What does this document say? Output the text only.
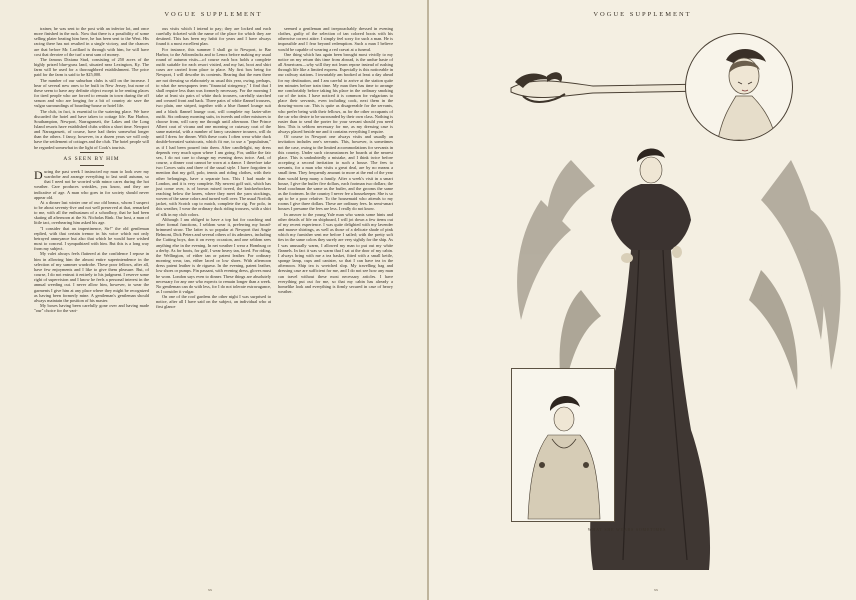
VOGUE SUPPLEMENT

trainer, he was sent to the post with an inferior lot, and once more finished in the ruck. Now that there is a possibility of some selling plater beating him here, he has been sent to the West. His racing there has not resulted in a single victory, and the chances are that before Mr. Lorillard is through with him, he will have cost that devotee of the turf a neat sum of money.

The famous Dixiana Stud, consisting of 250 acres of the highly prized blue-grass land, situated near Lexington, Ky. The farm will be used for a thoroughbred establishment. The price paid for the farm is said to be $25,000.

The number of our suburban clubs is still on the increase. I hear of several new ones to be built in New Jersey, but none of these seem to have any definite object except to be renting places for tired people who are forced to remain in town during the off season and who are longing for a bit of country air save the vulgar surroundings of boarding-house or hotel life.

The club, in fact, is essential to the watering place. We have discarded the hotel and have taken to cottage life. Bar Harbor, Southampton, Newport, Narragansett, the Lakes and the Long Island resorts have established clubs within a short time. Newport and Narragansett, of course, have had theirs somewhat longer than the others. I fancy, however, in a dozen years we will only have the settlement of cottages and the club. The hotel people will be regarded somewhat in the light of Cook's tourists.

AS SEEN BY HIM

During the past week I instructed my man to look over my wardrobe and arrange everything to last until autumn, so that I need not be worried with minor cares during the hot weather. Care produces wrinkles, you know, and they are indicative of age. A man who goes in for society should never appear old.

At a dinner last winter one of our old beaux, whom I suspect to be about seventy-five and not well preserved at that, remarked to me, with all the enthusiasm of a schoolboy, that he had been skating all afternoon at the St. Nicholas Rink. Our host, a man of little tact, overhearing him asked his age.

"I consider that an impertinence, Sir!" the old gentleman replied, with that certain tremor in his voice which not only betrayed annoyance but also that which he would have wished most to conceal. I sympathized with him. But this is a long way from my subject.

My valet always feels flattered at the confidence I repose in him in allowing him the almost entire superintendence in the selection of my summer wardrobe. These poor fellows, after all, have few enjoyments and I like to give them pleasure. But, of course, I do not entrust it entirely to his judgment. I reserve some right of supervision and I know he feels a personal interest in the annual weeding out. I never allow him, however, to wear the garments I give him at any place where they might be recognized as having been formerly mine. A gentleman's gentleman should always maintain the position of his master.

My boxes having been carefully gone over and having made "our" choice for the vari-

ous visits which I intend to pay; they are locked and each carefully ticketed with the name of the place for which they are destined. This has been my habit for years and I have always found it a most excellent plan.

For instance, this summer I shall go to Newport, to Bar Harbor, to the Adirondacks and to Lenox before making my usual round of autumn visits—of course each box holds a complete outfit suitable for each resort visited, and my hat, boot and shirt cases are carried from place to place. My first box being for Newport, I will describe its contents. Bearing that the men there are not dressing so elaborately as usual this year, owing, perhaps, to what the newspapers term "financial stringency," I find that I shall require less than was formerly necessary. For the morning I take at least six pairs of white duck trousers, carefully starched and creased front and back. Three pairs of white flannel trousers, two plain, one striped, together with a blue flannel lounge suit and a black flannel lounge coat, will complete my lazier-after outfit. Six ordinary morning suits, in tweeds and other mixtures to choose from, will carry me through until afternoon. One Prince Albert coat of vicuna and one morning or cutaway coat of the same material, with a number of fancy cassimere trousers, will do until I dress for dinner. With these coats I often wear white duck double-breasted waistcoats, which fit me, to use a "populatism," as if I had been poured into them. After candlelight, my dress depends very much upon where I am going. For, unlike the fair sex, I do not care to change my evening dress twice. And, of course, a dinner coat cannot be worn at a dance. I therefore take two Cowes suits and three of the usual style. I have forgotten to mention that my golf, polo, tennis and riding clothes, with their other belongings, have a separate box. This I had made in London, and it is very complete. My newest golf suit, which has just come over, is of brown mixed tweed, the knickerbockers reaching below the knees, where they meet the yarn stockings, woven of the same colors and turned well over. The usual Norfolk jacket, with Scotch cap to match, complete the rig. For polo, in this weather, I wear the ordinary duck riding trousers, with a shirt of silk in my club colors.

Although I am obliged to have a top hat for coaching and other formal functions, I seldom wear it, preferring my broad-brimmed straw. The latter is so popular at Newport that Angie Belmont, Dick Peters and several others of its admirers, including the Cutting boys, don it on every occasion, and one seldom sees anything else in the evening. In net weather I wear a Homburg or a derby. As for boots, for golf, I wear heavy tan, laced. For riding, the Wellington, of either tan or patent leather. For ordinary morning wear, tan, either laced or low shoes. With afternoon dress patent leather is de rigueur. In the evening, patent leather, low shoes or pumps. Fin passant, with evening dress, gloves must be worn. London says even to dinner. These things are absolutely necessary for any one who expects to remain longer than a week. No gentleman can do with less, for I do not tolerate extravagance, as I consider it vulgar.

On one of the roof gardens the other night I was surprised to notice, after all I have said on the subject, an individual who at first glance

seemed a gentleman and irreproachably dressed in evening clothes, guilty of the selection of tan colored boots with his otherwise correct attire. I simply feel sorry for such a man. He is impossible and I fear beyond redemption. Such a man I believe would be capable of wearing a red cravat at a funeral.

One thing which has again been brought most vividly to my notice on my return this time from abroad, is the undue haste of all Americans—why will they not learn repose instead of rushing through life like a limited express. Especially is this noticeable in our railway stations. I invariably am booked at least a day ahead for my destination, and I am careful to arrive at the station quite ten minutes before train time. My man then has time to arrange me comfortably before taking his place in the ordinary smoking car of the train. I have noticed it is common for vulgarians to place their servants, even including cook, next them in the drawing-room car. This is quite as disagreeable for the servants, who prefer being with their fellows, as for the other occupants of the car who desire to be surrounded by their own class. Nothing is easier than to send the porter for your servant should you need him. This is seldom necessary for me, as my dressing case is always placed beside me and it contains everything I require.

Of course in Newport one always visits and usually an invitation includes one's servants. This, however, is sometimes not the case, owing to the limited accommodations for servants in this country. Under such circumstances he boards at the nearest place. This is undoubtedly a mistake, and I think twice before accepting a second invitation to such a house. The fees to servants, for a man who visits a great deal, are by no means a small item. They frequently amount to more at the end of the year than would keep many a family. After a week's visit in a smart house, I give the butler five dollars, each footman two dollars; the head coachman the same as the butler, and the grooms the same as the footmen. In the country I never fee a housekeeper. She is so apt to be a poor relative. To the housemaid who attends to my rooms I give three dollars. These are ordinary fees. In semi-smart houses I presume the fees are less. I really do not know.

In answer to the young Yale man who wants some hints and other details of life on shipboard, I will jot down a few items out of my recent experience. I was quite delighted with my lavender and mauve shirtings, as well as those of a delicate shade of pink which my furnisher sent me before I sailed; with the pretty soft ties in the same colors they surely are very sightly for the ship. As I was unusually warm, I allowed my man to put out my white flannels. In fact it was so warm that I sat at the door of my cabin. I always bring with me a tea basket, fitted with a small kettle, sponge lamp, cups and canister, so that I can have tea in the afternoon. Ship tea is wretched slop. My travelling bag and dressing case are sufficient for me, and I do not see how any man can travel without these most necessary articles. I have everything put out for me, so that my cabin has already a homelike look and everything is firmly secured in case of heavy weather.

xx
VOGUE SUPPLEMENT
WHAT SHE WEARS SOMETIMES
xx
